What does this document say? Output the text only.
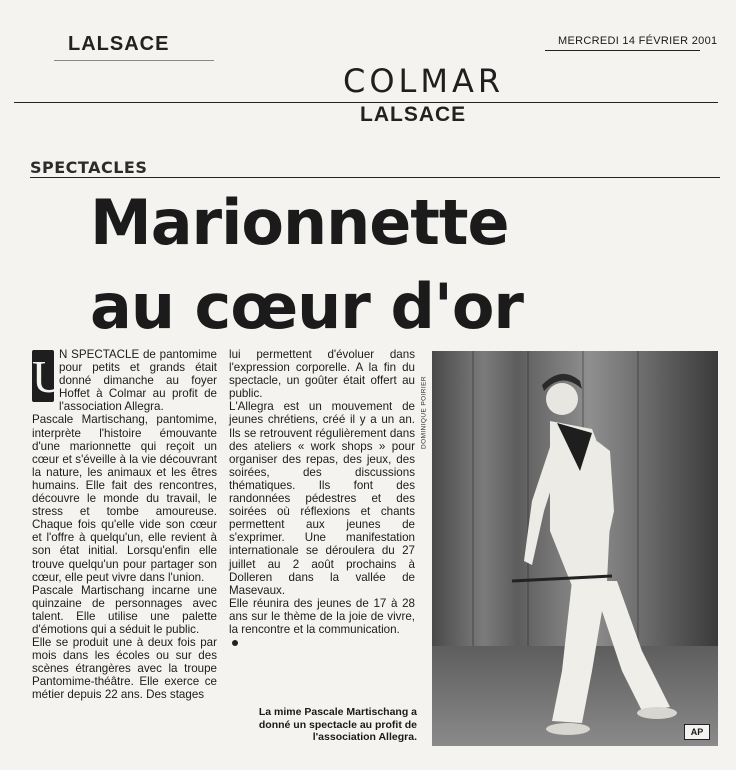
LALSACE	MERCREDI 14 FÉVRIER 2001
COLMAR
LALSACE
SPECTACLES
Marionnette
au cœur d'or
U

N SPECTACLE de pantomime pour petits et grands était donné dimanche au foyer Hoffet à Colmar au profit de l'association Allegra.

Pascale Martischang, pantomime, interprète l'histoire émouvante d'une marionnette qui reçoit un cœur et s'éveille à la vie découvrant la nature, les animaux et les êtres humains. Elle fait des rencontres, découvre le monde du travail, le stress et tombe amoureuse. Chaque fois qu'elle vide son cœur et l'offre à quelqu'un, elle revient à son état initial. Lorsqu'enfin elle trouve quelqu'un pour partager son cœur, elle peut vivre dans l'union.

Pascale Martischang incarne une quinzaine de personnages avec talent. Elle utilise une palette d'émotions qui a séduit le public.

Elle se produit une à deux fois par mois dans les écoles ou sur des scènes étrangères avec la troupe Pantomime-théâtre. Elle exerce ce métier depuis 22 ans. Des stages

lui permettent d'évoluer dans l'expression corporelle. A la fin du spectacle, un goûter était offert au public.

L'Allegra est un mouvement de jeunes chrétiens, créé il y a un an. Ils se retrouvent régulièrement dans des ateliers « work shops » pour organiser des repas, des jeux, des soirées, des discussions thématiques. Ils font des randonnées pédestres et des soirées où réflexions et chants permettent aux jeunes de s'exprimer. Une manifestation internationale se déroulera du 27 juillet au 2 août prochains à Dolleren dans la vallée de Masevaux.

Elle réunira des jeunes de 17 à 28 ans sur le thème de la joie de vivre, la rencontre et la communication.

DOMINIQUE POIRIER
La mime Pascale Martischang a donné un spectacle au profit de l'association Allegra.	AP
